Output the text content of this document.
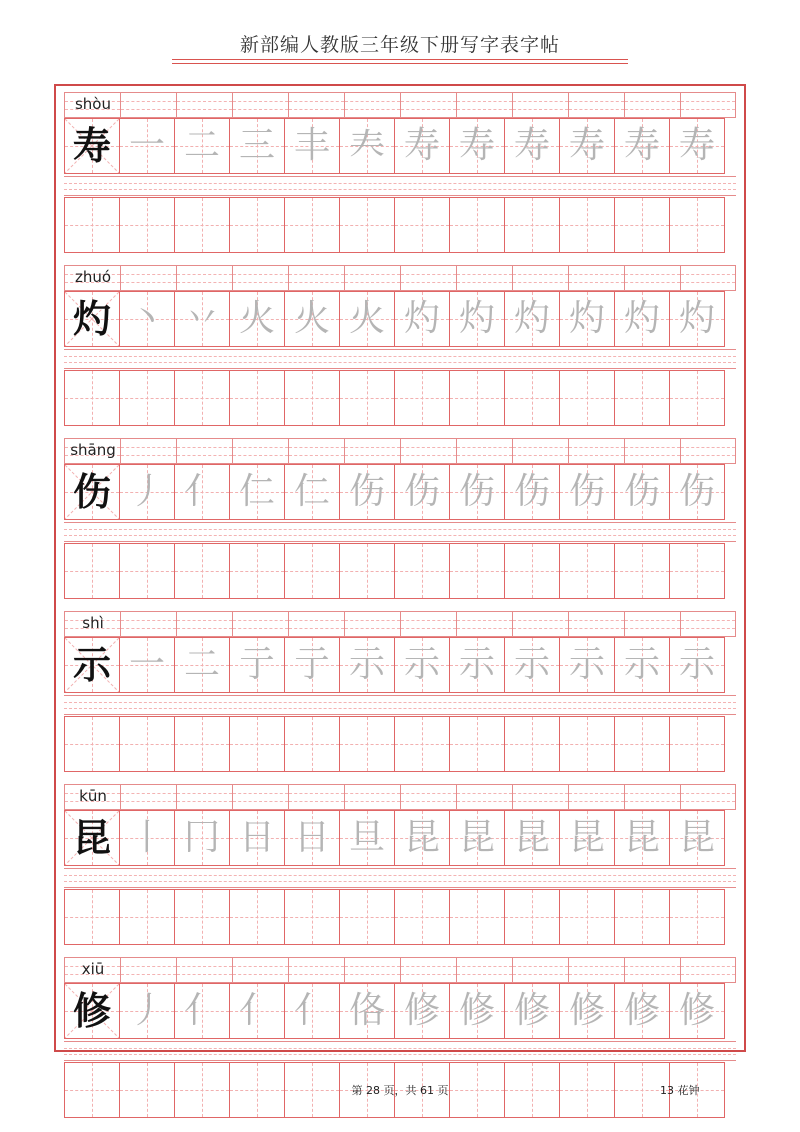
新部编人教版三年级下册写字表字帖
shòu
寿 一 二 三 丰 𡗗 寿 寿 寿 寿 寿 寿
zhuó
灼 丶 丷 火 火 火 灼 灼 灼 灼 灼 灼
shāng
伤 丿 亻 仁 仁 伤 伤 伤 伤 伤 伤 伤
shì
示 一 二 亍 亍 示 示 示 示 示 示 示
kūn
昆 丨 冂 日 日 旦 昆 昆 昆 昆 昆 昆
xiū
修 丿 亻 亻 亻 佫 修 修 修 修 修 修
第 28 页，共 61 页	13 花钟
